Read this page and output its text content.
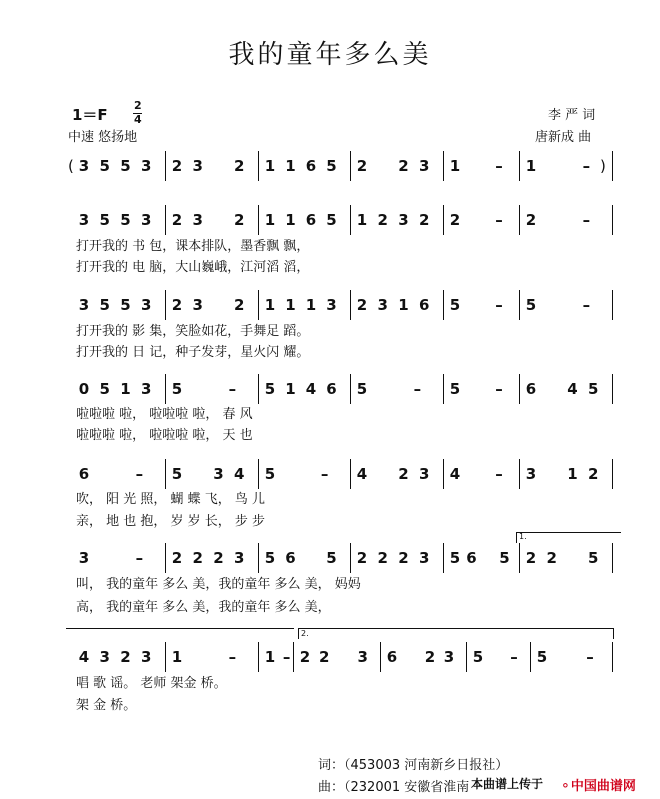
我的童年多么美
1＝F
2
4
中速 悠扬地
李 严 词
唐新成 曲
3 5 5 3 2 3 2 1 1 6 5 2 2 3 1 – 1	–
3 5 5 3 2 3 2 1 1 6 5 1 2 3 2 2 – 2	–
打开我的 书 包，课本排队，墨香飘 飘，
打开我的 电 脑，大山巍峨，江河滔 滔，
3 5 5 3 2 3 2 1 1 1 3 2 3 1 6 5 – 5	–
打开我的 影 集，笑脸如花，手舞足 蹈。
打开我的 日 记，种子发芽，星火闪 耀。
0 5 1 3 5	– 5 1 4 6 5	– 5 – 6 4 5
啦啦啦 啦， 啦啦啦 啦， 春 风
啦啦啦 啦， 啦啦啦 啦， 天 也
6	– 5 3 4 5	– 4 2 3 4 – 3 1 2
吹， 阳 光 照， 蝴 蝶 飞， 鸟 儿
亲， 地 也 抱， 岁 岁 长， 步 步
3	– 2 2 2 3 5 6 5 2 2 2 3 5 6 5 2 2 5
叫， 我的童年 多么 美，我的童年 多么 美， 妈妈
高， 我的童年 多么 美，我的童年 多么 美，
4 3 2 3 1	– 1 – 2 2 3 6 2 3 5 – 5	–
唱 歌 谣。 老师 架金 桥。
架 金 桥。
(	)
1.
2.
词：（453003 河南新乡日报社）
曲：（232001 安徽省淮南 本曲谱上传于 ⚬中国曲谱网
